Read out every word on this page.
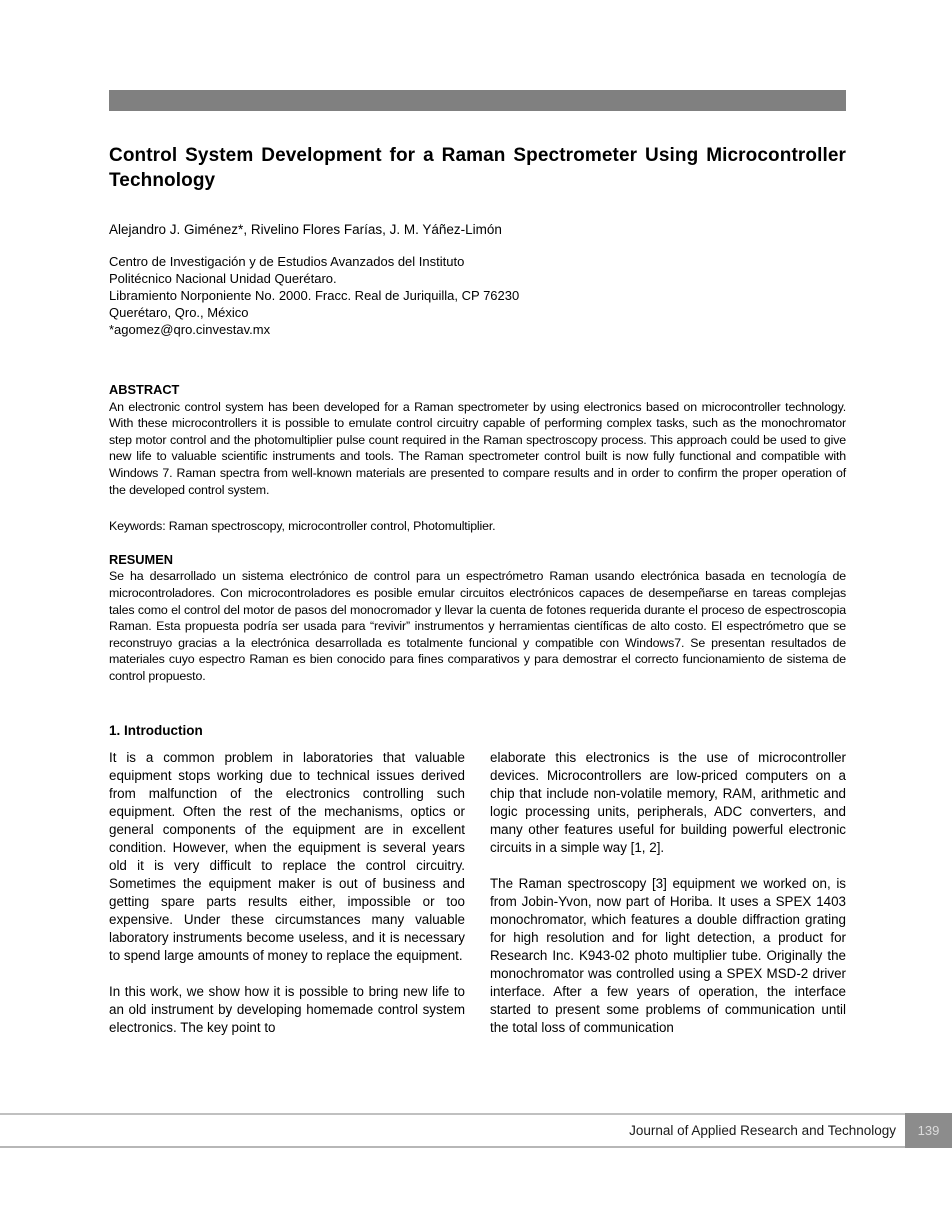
Control System Development for a Raman Spectrometer Using Microcontroller Technology

Alejandro J. Giménez*, Rivelino Flores Farías, J. M. Yáñez-Limón

Centro de Investigación y de Estudios Avanzados del Instituto
Politécnico Nacional Unidad Querétaro.
Libramiento Norponiente No. 2000. Fracc. Real de Juriquilla, CP 76230
Querétaro, Qro., México
*agomez@qro.cinvestav.mx
ABSTRACT

An electronic control system has been developed for a Raman spectrometer by using electronics based on microcontroller technology. With these microcontrollers it is possible to emulate control circuitry capable of performing complex tasks, such as the monochromator step motor control and the photomultiplier pulse count required in the Raman spectroscopy process. This approach could be used to give new life to valuable scientific instruments and tools. The Raman spectrometer control built is now fully functional and compatible with Windows 7. Raman spectra from well-known materials are presented to compare results and in order to confirm the proper operation of the developed control system.

Keywords: Raman spectroscopy, microcontroller control, Photomultiplier.

RESUMEN

Se ha desarrollado un sistema electrónico de control para un espectrómetro Raman usando electrónica basada en tecnología de microcontroladores. Con microcontroladores es posible emular circuitos electrónicos capaces de desempeñarse en tareas complejas tales como el control del motor de pasos del monocromador y llevar la cuenta de fotones requerida durante el proceso de espectroscopia Raman. Esta propuesta podría ser usada para “revivir” instrumentos y herramientas científicas de alto costo. El espectrómetro que se reconstruyo gracias a la electrónica desarrollada es totalmente funcional y compatible con Windows7. Se presentan resultados de materiales cuyo espectro Raman es bien conocido para fines comparativos y para demostrar el correcto funcionamiento de sistema de control propuesto.

1. Introduction

It is a common problem in laboratories that valuable equipment stops working due to technical issues derived from malfunction of the electronics controlling such equipment. Often the rest of the mechanisms, optics or general components of the equipment are in excellent condition. However, when the equipment is several years old it is very difficult to replace the control circuitry. Sometimes the equipment maker is out of business and getting spare parts results either, impossible or too expensive. Under these circumstances many valuable laboratory instruments become useless, and it is necessary to spend large amounts of money to replace the equipment.

In this work, we show how it is possible to bring new life to an old instrument by developing homemade control system electronics. The key point to

elaborate this electronics is the use of microcontroller devices. Microcontrollers are low-priced computers on a chip that include non-volatile memory, RAM, arithmetic and logic processing units, peripherals, ADC converters, and many other features useful for building powerful electronic circuits in a simple way [1, 2].

The Raman spectroscopy [3] equipment we worked on, is from Jobin-Yvon, now part of Horiba. It uses a SPEX 1403 monochromator, which features a double diffraction grating for high resolution and for light detection, a product for Research Inc. K943-02 photo multiplier tube. Originally the monochromator was controlled using a SPEX MSD-2 driver interface. After a few years of operation, the interface started to present some problems of communication until the total loss of communication

Journal of Applied Research and Technology	139
